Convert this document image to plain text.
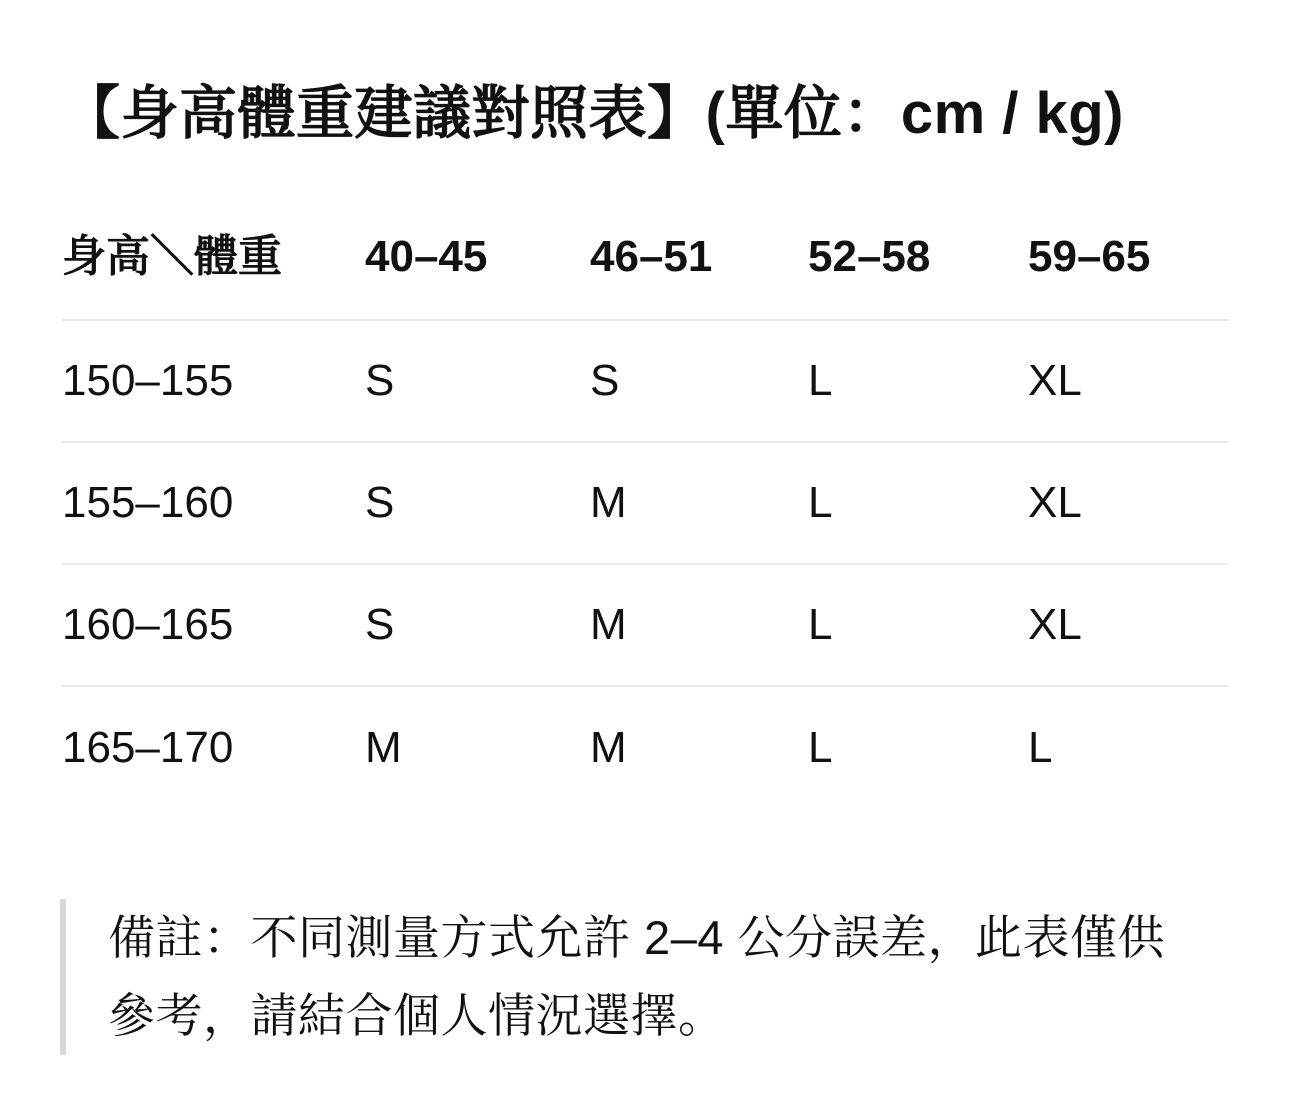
【身高體重建議對照表】(單位：cm / kg)
身高＼體重	40–45	46–51	52–58	59–65
150–155	S	S	L	XL
155–160	S	M	L	XL
160–165	S	M	L	XL
165–170	M	M	L	L
備註：不同測量方式允許 2–4 公分誤差，此表僅供參考，請結合個人情況選擇。
